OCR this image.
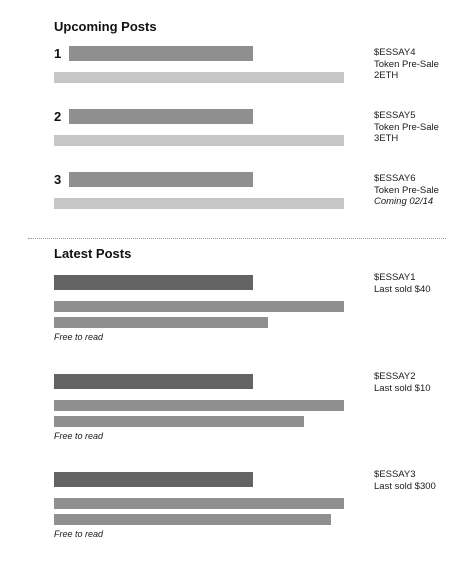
Upcoming Posts
1	$ESSAY4
Token Pre-Sale
2ETH
2	$ESSAY5
Token Pre-Sale
3ETH
3	$ESSAY6
Token Pre-Sale
Coming 02/14
Latest Posts
Free to read
$ESSAY1
Last sold $40
Free to read
$ESSAY2
Last sold $10
Free to read
$ESSAY3
Last sold $300
